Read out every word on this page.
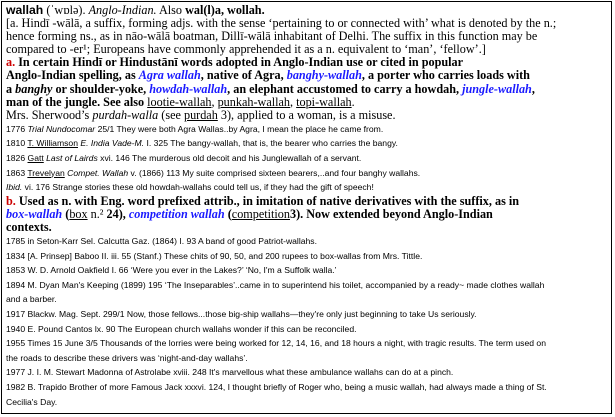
wallah (ˈwɒlə). Anglo-Indian. Also wal(l)a, wollah.
[a. Hindī -wālā, a suffix, forming adjs. with the sense ‘pertaining to or connected with’ what is denoted by the n.;
hence forming ns., as in nāo-wālā boatman, Dillī-wālā inhabitant of Delhi. The suffix in this function may be
compared to -er¹; Europeans have commonly apprehended it as a n. equivalent to ‘man’, ‘fellow’.]
a. In certain Hindī or Hindustānī words adopted in Anglo-Indian use or cited in popular
Anglo-Indian spelling, as Agra wallah, native of Agra, banghy-wallah, a porter who carries loads with
a banghy or shoulder-yoke, howdah-wallah, an elephant accustomed to carry a howdah, jungle-wallah,
man of the jungle. See also lootie-wallah, punkah-wallah, topi-wallah.
Mrs. Sherwood’s purdah-walla (see purdah 3), applied to a woman, is a misuse.
1776 Trial Nundocomar 25/1 They were both Agra Wallas..by Agra, I mean the place he came from.
1810 T. Williamson E. India Vade-M. I. 325 The bangy-wallah, that is, the bearer who carries the bangy.
1826 Gatt Last of Lairds xvi. 146 The murderous old decoit and his Junglewallah of a servant.
1863 Trevelyan Compet. Wallah v. (1866) 113 My suite comprised sixteen bearers,..and four banghy wallahs.
Ibid. vi. 176 Strange stories these old howdah-wallahs could tell us, if they had the gift of speech!
b. Used as n. with Eng. word prefixed attrib., in imitation of native derivatives with the suffix, as in
box-wallah (box n.² 24), competition wallah (competition3). Now extended beyond Anglo-Indian
contexts.
1785 in Seton-Karr Sel. Calcutta Gaz. (1864) I. 93 A band of good Patriot-wallahs.
1834 [A. Prinsep] Baboo II. iii. 55 (Stanf.) These chits of 90, 50, and 200 rupees to box-wallas from Mrs. Tittle.
1853 W. D. Arnold Oakfield I. 66 ‘Were you ever in the Lakes?’ ‘No, I'm a Suffolk walla.’
1894 M. Dyan Man's Keeping (1899) 195 ‘The Inseparables’..came in to superintend his toilet, accompanied by a ready~ made clothes wallah
and a barber.
1917 Blackw. Mag. Sept. 299/1 Now, those fellows...those big-ship wallahs—they're only just beginning to take Us seriously.
1940 E. Pound Cantos lx. 90 The European church wallahs wonder if this can be reconciled.
1955 Times 15 June 3/5 Thousands of the lorries were being worked for 12, 14, 16, and 18 hours a night, with tragic results. The term used on
the roads to describe these drivers was ‘night-and-day wallahs’.
1977 J. I. M. Stewart Madonna of Astrolabe xviii. 248 It's marvellous what these ambulance wallahs can do at a pinch.
1982 B. Trapido Brother of more Famous Jack xxxvi. 124, I thought briefly of Roger who, being a music wallah, had always made a thing of St.
Cecilia's Day.
